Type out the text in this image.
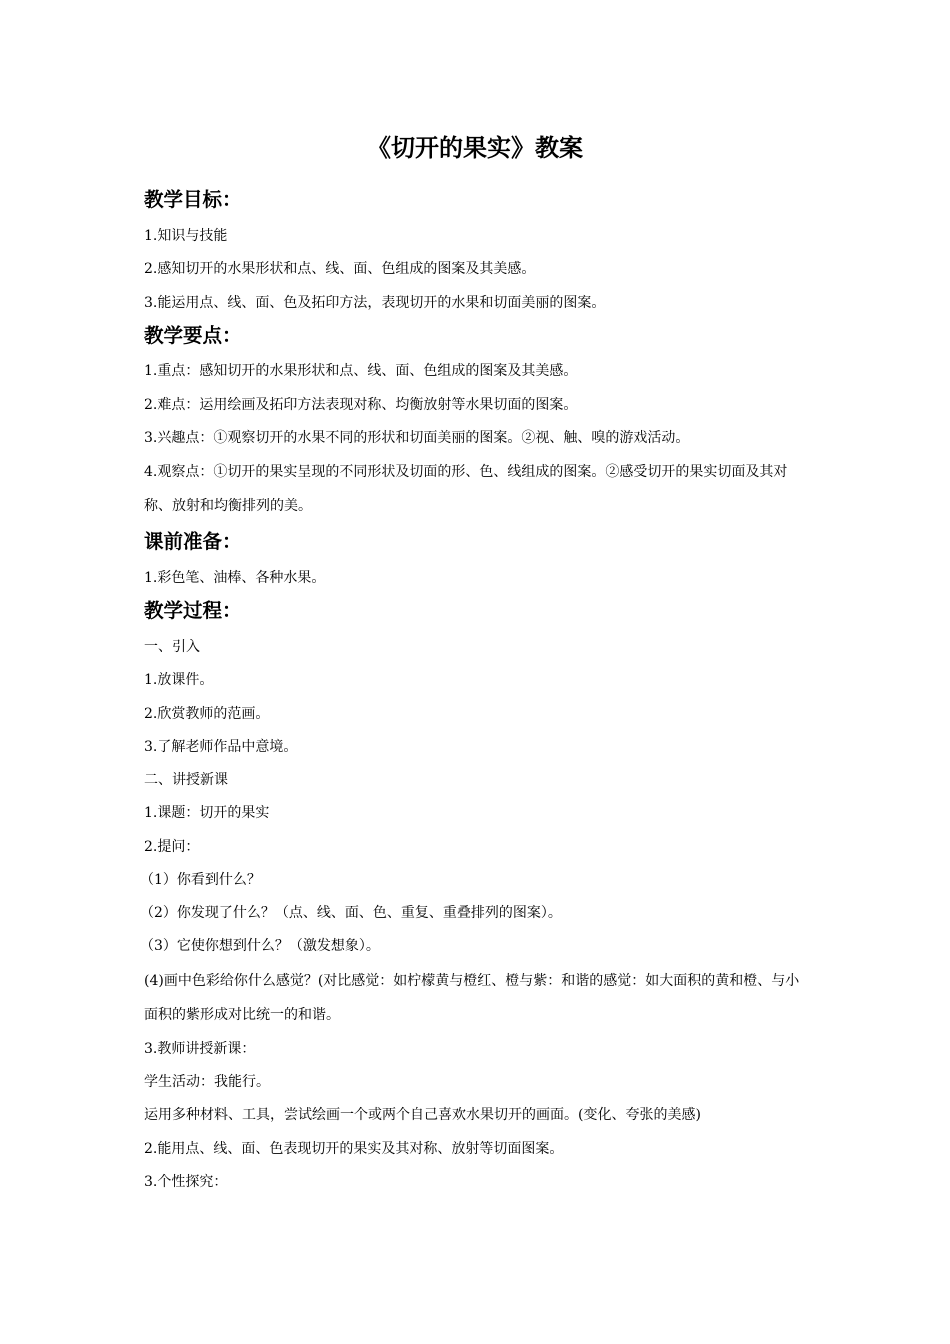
《切开的果实》教案
教学目标：
1.知识与技能
2.感知切开的水果形状和点、线、面、色组成的图案及其美感。
3.能运用点、线、面、色及拓印方法，表现切开的水果和切面美丽的图案。
教学要点：
1.重点：感知切开的水果形状和点、线、面、色组成的图案及其美感。
2.难点：运用绘画及拓印方法表现对称、均衡放射等水果切面的图案。
3.兴趣点：①观察切开的水果不同的形状和切面美丽的图案。②视、触、嗅的游戏活动。
4.观察点：①切开的果实呈现的不同形状及切面的形、色、线组成的图案。②感受切开的果实切面及其对称、放射和均衡排列的美。
课前准备：
1.彩色笔、油棒、各种水果。
教学过程：
一、引入
1.放课件。
2.欣赏教师的范画。
3.了解老师作品中意境。
二、讲授新课
1.课题：切开的果实
2.提问：
（1）你看到什么？
（2）你发现了什么？（点、线、面、色、重复、重叠排列的图案）。
（3）它使你想到什么？（激发想象）。
(4)画中色彩给你什么感觉？(对比感觉：如柠檬黄与橙红、橙与紫：和谐的感觉：如大面积的黄和橙、与小面积的紫形成对比统一的和谐。
3.教师讲授新课：
学生活动：我能行。
运用多种材料、工具，尝试绘画一个或两个自己喜欢水果切开的画面。(变化、夸张的美感)
2.能用点、线、面、色表现切开的果实及其对称、放射等切面图案。
3.个性探究：
